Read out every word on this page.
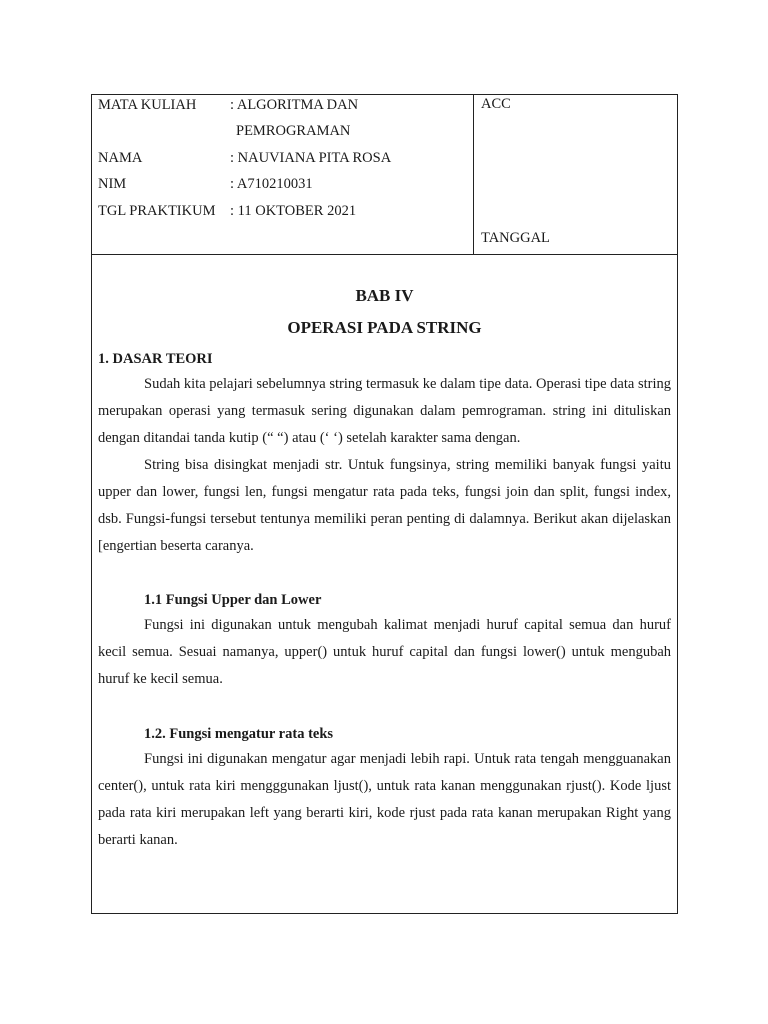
MATA KULIAH : ALGORITMA DAN
PEMROGRAMAN
NAMA	: NAUVIANA PITA ROSA
NIM	: A710210031
TGL PRAKTIKUM : 11 OKTOBER 2021
ACC
TANGGAL
BAB IV
OPERASI PADA STRING
1. DASAR TEORI
Sudah kita pelajari sebelumnya string termasuk ke dalam tipe data. Operasi tipe data string merupakan operasi yang termasuk sering digunakan dalam pemrograman. string ini dituliskan dengan ditandai tanda kutip (“ “) atau (‘ ‘) setelah karakter sama dengan.
String bisa disingkat menjadi str. Untuk fungsinya, string memiliki banyak fungsi yaitu upper dan lower, fungsi len, fungsi mengatur rata pada teks, fungsi join dan split, fungsi index, dsb. Fungsi-fungsi tersebut tentunya memiliki peran penting di dalamnya. Berikut akan dijelaskan [engertian beserta caranya.
1.1 Fungsi Upper dan Lower
Fungsi ini digunakan untuk mengubah kalimat menjadi huruf capital semua dan huruf kecil semua. Sesuai namanya, upper() untuk huruf capital dan fungsi lower() untuk mengubah huruf ke kecil semua.
1.2. Fungsi mengatur rata teks
Fungsi ini digunakan mengatur agar menjadi lebih rapi. Untuk rata tengah mengguanakan center(), untuk rata kiri mengggunakan ljust(), untuk rata kanan menggunakan rjust(). Kode ljust pada rata kiri merupakan left yang berarti kiri, kode rjust pada rata kanan merupakan Right yang berarti kanan.
